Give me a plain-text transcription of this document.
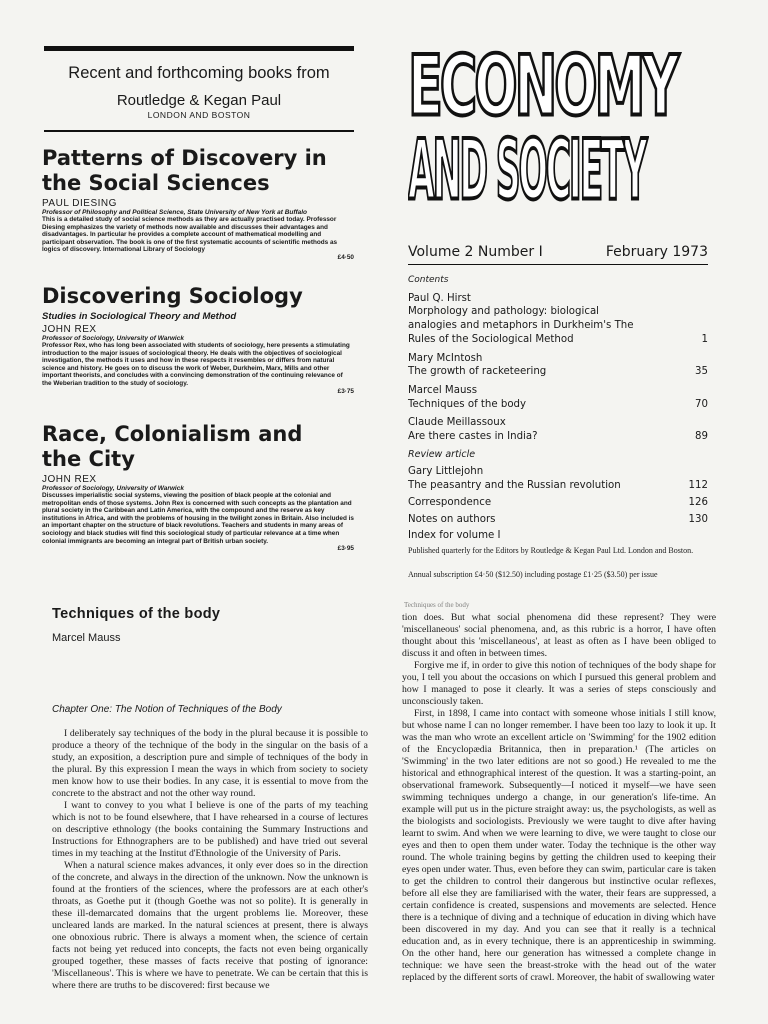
Recent and forthcoming books from
Routledge & Kegan Paul
LONDON AND BOSTON
Patterns of Discovery in the Social Sciences
PAUL DIESING
Professor of Philosophy and Political Science, State University of New York at Buffalo
This is a detailed study of social science methods as they are actually practised today. Professor Diesing emphasizes the variety of methods now available and discusses their advantages and disadvantages. In particular he provides a complete account of mathematical modelling and participant observation. The book is one of the first systematic accounts of scientific methods as logics of discovery. International Library of Sociology
£4·50
Discovering Sociology
Studies in Sociological Theory and Method
JOHN REX
Professor of Sociology, University of Warwick
Professor Rex, who has long been associated with students of sociology, here presents a stimulating introduction to the major issues of sociological theory. He deals with the objectives of sociological investigation, the methods it uses and how in these respects it resembles or differs from natural science and history. He goes on to discuss the work of Weber, Durkheim, Marx, Mills and other important theorists, and concludes with a convincing demonstration of the continuing relevance of the Weberian tradition to the study of sociology.
£3·75
Race, Colonialism and the City
JOHN REX
Professor of Sociology, University of Warwick
Discusses imperialistic social systems, viewing the position of black people at the colonial and metropolitan ends of those systems. John Rex is concerned with such concepts as the plantation and plural society in the Caribbean and Latin America, with the compound and the reserve as key institutions in Africa, and with the problems of housing in the twilight zones in Britain. Also included is an important chapter on the structure of black revolutions. Teachers and students in many areas of sociology and black studies will find this sociological study of particular relevance at a time when colonial immigrants are becoming an integral part of British urban society.
£3·95
ECONOMY
AND SOCIETY
Volume 2 Number I	February 1973
Contents
Paul Q. Hirst
Morphology and pathology: biological analogies and metaphors in Durkheim's The Rules of the Sociological Method	1
Mary McIntosh
The growth of racketeering	35
Marcel Mauss
Techniques of the body	70
Claude Meillassoux
Are there castes in India?	89
Review article
Gary Littlejohn
The peasantry and the Russian revolution	112
Correspondence	126
Notes on authors	130
Index for volume I
Published quarterly for the Editors by Routledge & Kegan Paul Ltd. London and Boston.
Annual subscription £4·50 ($12.50) including postage £1·25 ($3.50) per issue
Techniques of the body
Marcel Mauss
Chapter One: The Notion of Techniques of the Body

I deliberately say techniques of the body in the plural because it is possible to produce a theory of the technique of the body in the singular on the basis of a study, an exposition, a description pure and simple of techniques of the body in the plural. By this expression I mean the ways in which from society to society men know how to use their bodies. In any case, it is essential to move from the concrete to the abstract and not the other way round.

I want to convey to you what I believe is one of the parts of my teaching which is not to be found elsewhere, that I have rehearsed in a course of lectures on descriptive ethnology (the books containing the Summary Instructions and Instructions for Ethnographers are to be published) and have tried out several times in my teaching at the Institut d'Ethnologie of the University of Paris.

When a natural science makes advances, it only ever does so in the direction of the concrete, and always in the direction of the unknown. Now the unknown is found at the frontiers of the sciences, where the professors are at each other's throats, as Goethe put it (though Goethe was not so polite). It is generally in these ill-demarcated domains that the urgent problems lie. Moreover, these uncleared lands are marked. In the natural sciences at present, there is always one obnoxious rubric. There is always a moment when, the science of certain facts not being yet reduced into concepts, the facts not even being organically grouped together, these masses of facts receive that posting of ignorance: 'Miscellaneous'. This is where we have to penetrate. We can be certain that this is where there are truths to be discovered: first because we

Techniques of the body

tion does. But what social phenomena did these represent? They were 'miscellaneous' social phenomena, and, as this rubric is a horror, I have often thought about this 'miscellaneous', at least as often as I have been obliged to discuss it and often in between times.

Forgive me if, in order to give this notion of techniques of the body shape for you, I tell you about the occasions on which I pursued this general problem and how I managed to pose it clearly. It was a series of steps consciously and unconsciously taken.

First, in 1898, I came into contact with someone whose initials I still know, but whose name I can no longer remember. I have been too lazy to look it up. It was the man who wrote an excellent article on 'Swimming' for the 1902 edition of the Encyclopædia Britannica, then in preparation.¹ (The articles on 'Swimming' in the two later editions are not so good.) He revealed to me the historical and ethnographical interest of the question. It was a starting-point, an observational framework. Subsequently—I noticed it myself—we have seen swimming techniques undergo a change, in our generation's life-time. An example will put us in the picture straight away: us, the psychologists, as well as the biologists and sociologists. Previously we were taught to dive after having learnt to swim. And when we were learning to dive, we were taught to close our eyes and then to open them under water. Today the technique is the other way round. The whole training begins by getting the children used to keeping their eyes open under water. Thus, even before they can swim, particular care is taken to get the children to control their dangerous but instinctive ocular reflexes, before all else they are familiarised with the water, their fears are suppressed, a certain confidence is created, suspensions and movements are selected. Hence there is a technique of diving and a technique of education in diving which have been discovered in my day. And you can see that it really is a technical education and, as in every technique, there is an apprenticeship in swimming. On the other hand, here our generation has witnessed a complete change in technique: we have seen the breast-stroke with the head out of the water replaced by the different sorts of crawl. Moreover, the habit of swallowing water
